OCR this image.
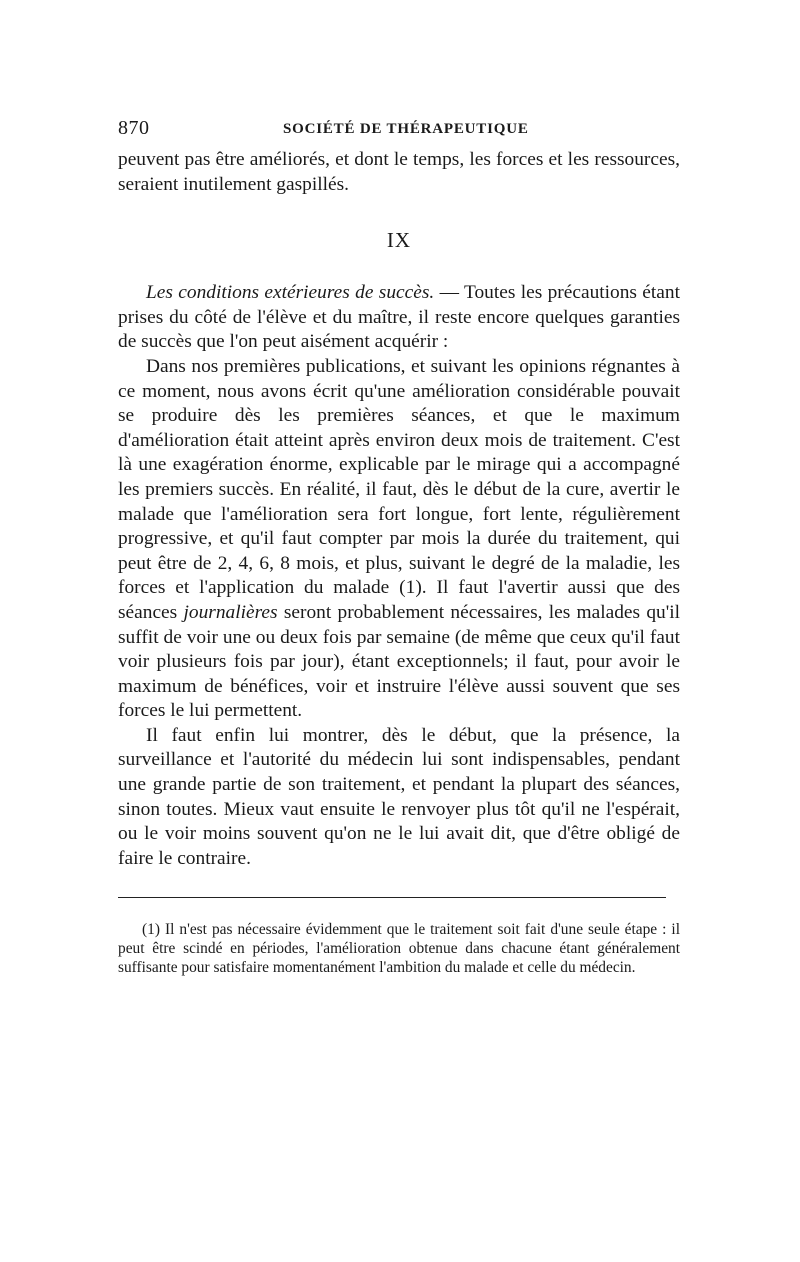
870	SOCIÉTÉ DE THÉRAPEUTIQUE

peuvent pas être améliorés, et dont le temps, les forces et les ressources, seraient inutilement gaspillés.

IX

Les conditions extérieures de succès. — Toutes les précautions étant prises du côté de l'élève et du maître, il reste encore quelques garanties de succès que l'on peut aisément acquérir :

Dans nos premières publications, et suivant les opinions régnantes à ce moment, nous avons écrit qu'une amélioration considérable pouvait se produire dès les premières séances, et que le maximum d'amélioration était atteint après environ deux mois de traitement. C'est là une exagération énorme, explicable par le mirage qui a accompagné les premiers succès. En réalité, il faut, dès le début de la cure, avertir le malade que l'amélioration sera fort longue, fort lente, régulièrement progressive, et qu'il faut compter par mois la durée du traitement, qui peut être de 2, 4, 6, 8 mois, et plus, suivant le degré de la maladie, les forces et l'application du malade (1). Il faut l'avertir aussi que des séances journalières seront probablement nécessaires, les malades qu'il suffit de voir une ou deux fois par semaine (de même que ceux qu'il faut voir plusieurs fois par jour), étant exceptionnels; il faut, pour avoir le maximum de bénéfices, voir et instruire l'élève aussi souvent que ses forces le lui permettent.

Il faut enfin lui montrer, dès le début, que la présence, la surveillance et l'autorité du médecin lui sont indispensables, pendant une grande partie de son traitement, et pendant la plupart des séances, sinon toutes. Mieux vaut ensuite le renvoyer plus tôt qu'il ne l'espérait, ou le voir moins souvent qu'on ne le lui avait dit, que d'être obligé de faire le contraire.

(1) Il n'est pas nécessaire évidemment que le traitement soit fait d'une seule étape : il peut être scindé en périodes, l'amélioration obtenue dans chacune étant généralement suffisante pour satisfaire momentanément l'ambition du malade et celle du médecin.
